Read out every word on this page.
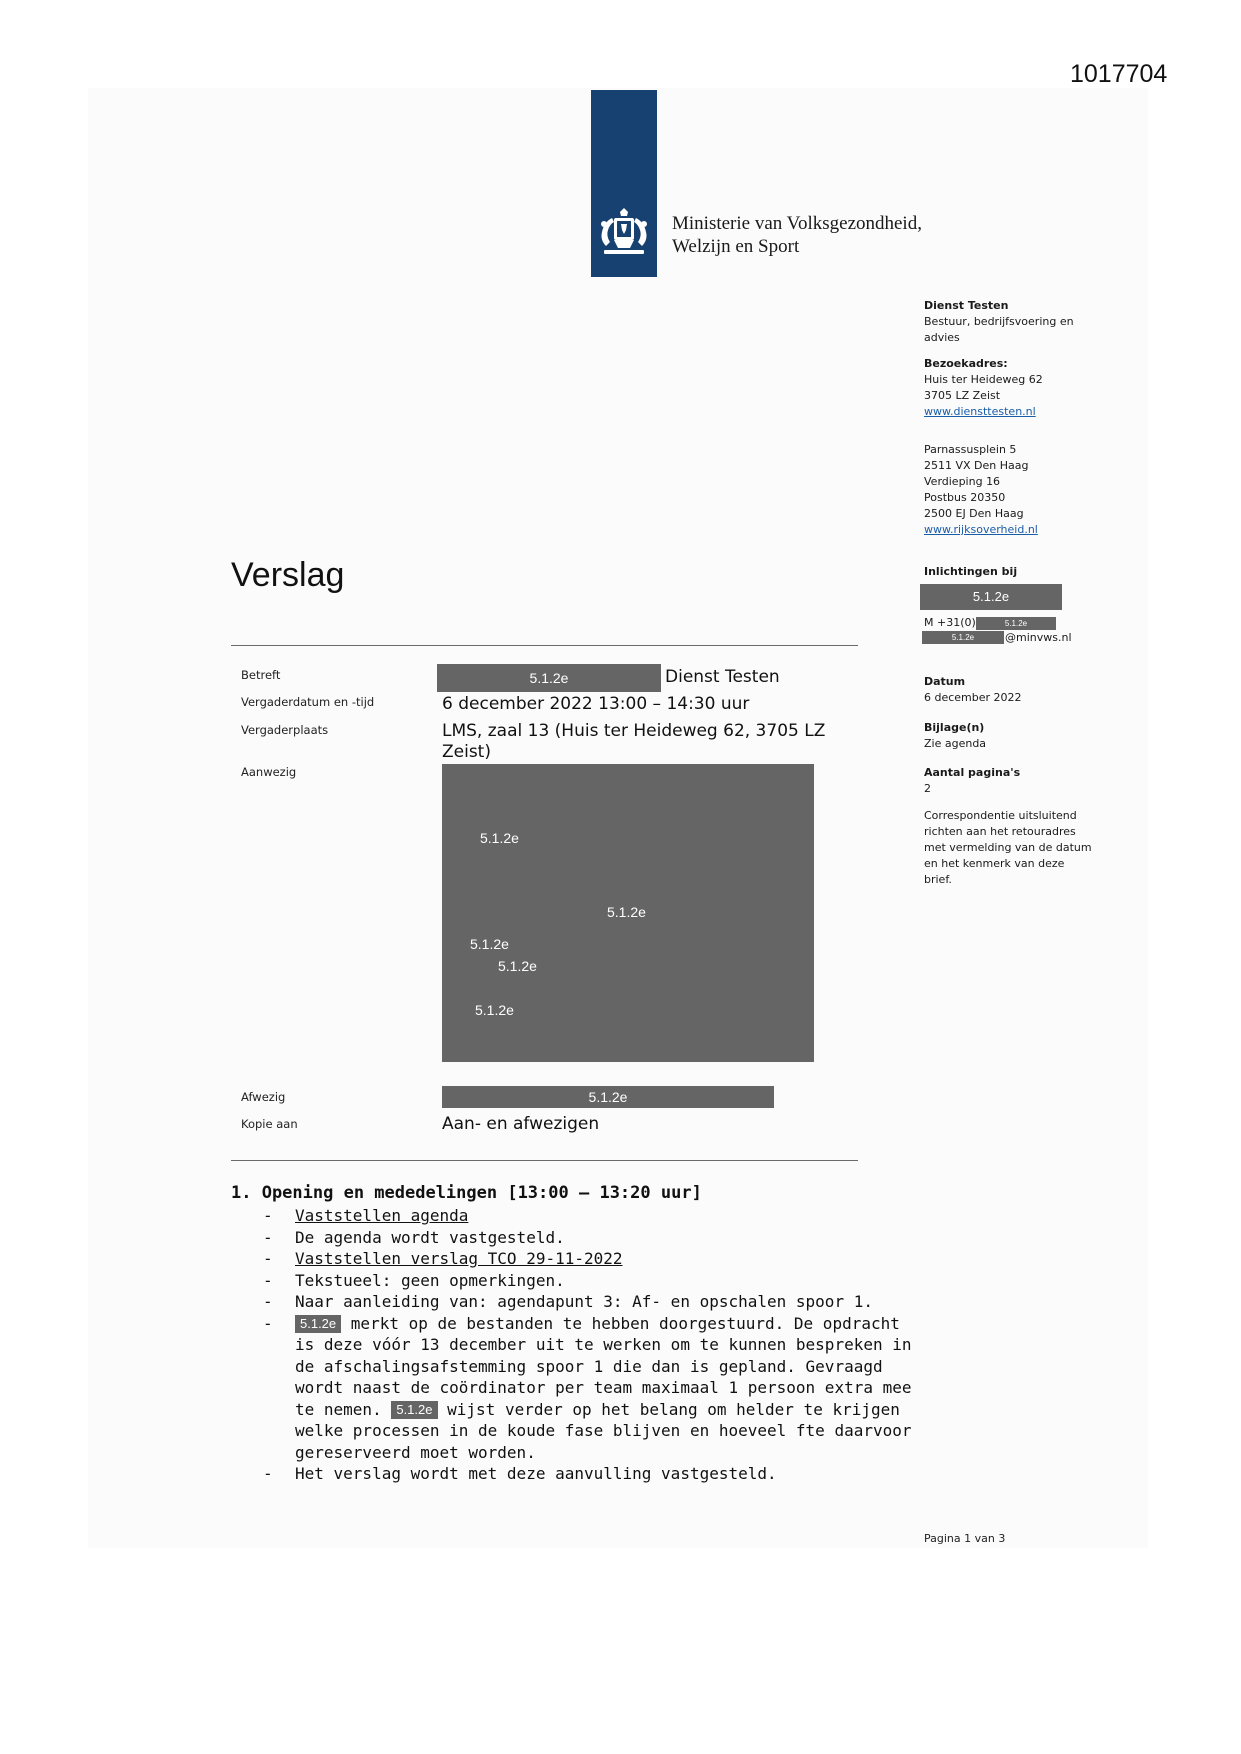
1017704
Ministerie van Volksgezondheid,
Welzijn en Sport
Dienst Testen
Bestuur, bedrijfsvoering en
advies
Bezoekadres:
Huis ter Heideweg 62
3705 LZ Zeist
www.diensttesten.nl
Parnassusplein 5
2511 VX Den Haag
Verdieping 16
Postbus 20350
2500 EJ Den Haag
www.rijksoverheid.nl
Inlichtingen bij
5.1.2e
M +31(0)	5.1.2e
5.1.2e	@minvws.nl
Datum
6 december 2022
Bijlage(n)
Zie agenda
Aantal pagina's
2
Correspondentie uitsluitend
richten aan het retouradres
met vermelding van de datum
en het kenmerk van deze
brief.
Verslag
Betreft	5.1.2e	Dienst Testen
Vergaderdatum en -tijd	6 december 2022 13:00 – 14:30 uur
Vergaderplaats	LMS, zaal 13 (Huis ter Heideweg 62, 3705 LZ
Zeist)
Aanwezig
5.1.2e
5.1.2e
5.1.2e
5.1.2e
5.1.2e
Afwezig	5.1.2e
Kopie aan	Aan- en afwezigen
1. Opening en mededelingen [13:00 – 13:20 uur]
- Vaststellen agenda
- De agenda wordt vastgesteld.
- Vaststellen verslag TCO 29-11-2022
- Tekstueel: geen opmerkingen.
- Naar aanleiding van: agendapunt 3: Af- en opschalen spoor 1.
- 5.1.2e merkt op de bestanden te hebben doorgestuurd. De opdracht is deze vóór 13 december uit te werken om te kunnen bespreken in de afschalingsafstemming spoor 1 die dan is gepland. Gevraagd wordt naast de coördinator per team maximaal 1 persoon extra mee te nemen. 5.1.2e wijst verder op het belang om helder te krijgen welke processen in de koude fase blijven en hoeveel fte daarvoor gereserveerd moet worden.
- Het verslag wordt met deze aanvulling vastgesteld.
Pagina 1 van 3
